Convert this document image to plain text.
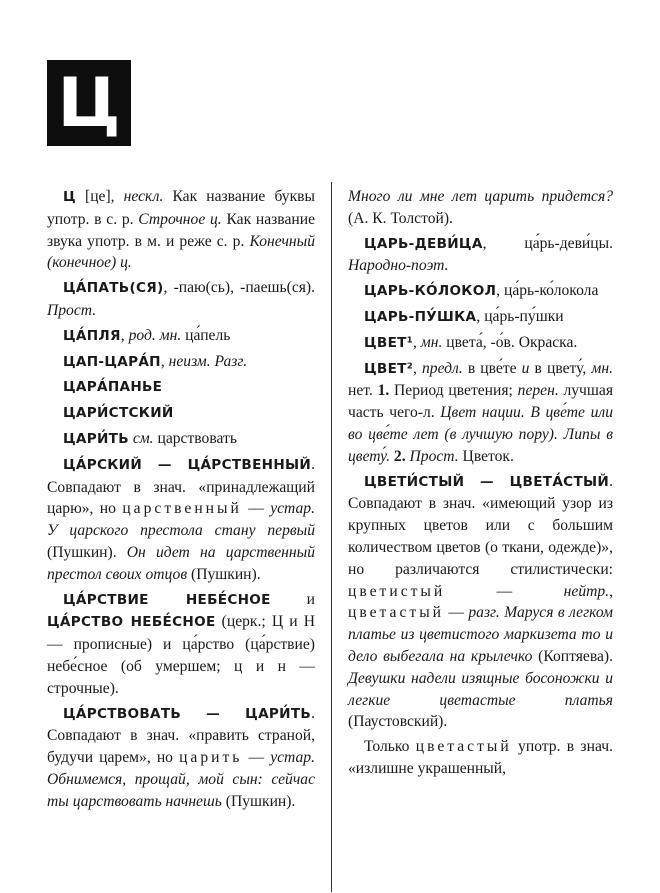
Ц

Ц [це], нескл. Как название буквы употр. в с. р. Строчное ц. Как название звука употр. в м. и реже с. р. Конечный (конечное) ц.

ЦА́ПАТЬ(СЯ), -паю(сь), -паешь(ся). Прост.

ЦА́ПЛЯ, род. мн. ца́пель

ЦАП-ЦАРА́П, неизм. Разг.

ЦАРА́ПАНЬЕ

ЦАРИ́СТСКИЙ

ЦАРИ́ТЬ см. царствовать

ЦА́РСКИЙ — ЦА́РСТВЕННЫЙ. Совпадают в знач. «принадлежащий царю», но царственный — устар. У царского престола стану первый (Пушкин). Он идет на царственный престол своих отцов (Пушкин).

ЦА́РСТВИЕ НЕБЕ́СНОЕ и ЦА́РСТВО НЕБЕ́СНОЕ (церк.; Ц и Н — прописные) и ца́рство (ца́рствие) небе́сное (об умершем; ц и н — строчные).

ЦА́РСТВОВАТЬ — ЦАРИ́ТЬ. Совпадают в знач. «править страной, будучи царем», но царить — устар. Обнимемся, прощай, мой сын: сейчас ты царствовать начнешь (Пушкин).

Много ли мне лет царить придется? (А. К. Толстой).

ЦАРЬ-ДЕВИ́ЦА, ца́рь-деви́цы. Народно-поэт.

ЦАРЬ-КО́ЛОКОЛ, ца́рь-ко́локола

ЦАРЬ-ПУ́ШКА, ца́рь-пу́шки

ЦВЕТ¹, мн. цвета́, -о́в. Окраска.

ЦВЕТ², предл. в цве́те и в цвету́, мн. нет. 1. Период цветения; перен. лучшая часть чего-л. Цвет нации. В цве́те или во цве́те лет (в лучшую пору). Липы в цвету́. 2. Прост. Цветок.

ЦВЕТИ́СТЫЙ — ЦВЕТА́СТЫЙ. Совпадают в знач. «имеющий узор из крупных цветов или с большим количеством цветов (о ткани, одежде)», но различаются стилистически: цветистый — нейтр., цветастый — разг. Маруся в легком платье из цветистого маркизета то и дело выбегала на крылечко (Коптяева). Девушки надели изящные босоножки и легкие цветастые платья (Паустовский).

Только цветастый употр. в знач. «излишне украшенный,
